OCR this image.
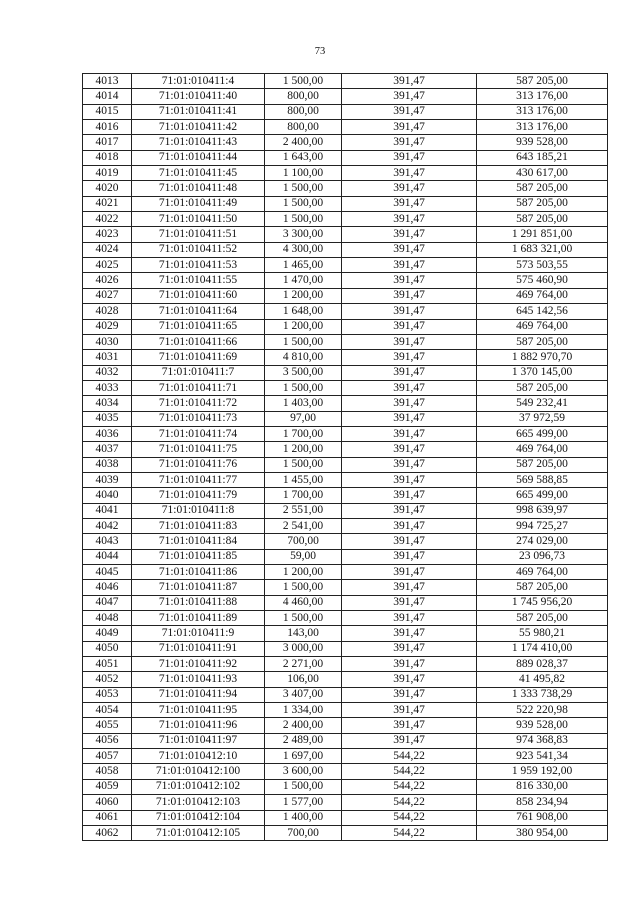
73
4013	71:01:010411:4	1 500,00	391,47	587 205,00
4014	71:01:010411:40	800,00	391,47	313 176,00
4015	71:01:010411:41	800,00	391,47	313 176,00
4016	71:01:010411:42	800,00	391,47	313 176,00
4017	71:01:010411:43	2 400,00	391,47	939 528,00
4018	71:01:010411:44	1 643,00	391,47	643 185,21
4019	71:01:010411:45	1 100,00	391,47	430 617,00
4020	71:01:010411:48	1 500,00	391,47	587 205,00
4021	71:01:010411:49	1 500,00	391,47	587 205,00
4022	71:01:010411:50	1 500,00	391,47	587 205,00
4023	71:01:010411:51	3 300,00	391,47	1 291 851,00
4024	71:01:010411:52	4 300,00	391,47	1 683 321,00
4025	71:01:010411:53	1 465,00	391,47	573 503,55
4026	71:01:010411:55	1 470,00	391,47	575 460,90
4027	71:01:010411:60	1 200,00	391,47	469 764,00
4028	71:01:010411:64	1 648,00	391,47	645 142,56
4029	71:01:010411:65	1 200,00	391,47	469 764,00
4030	71:01:010411:66	1 500,00	391,47	587 205,00
4031	71:01:010411:69	4 810,00	391,47	1 882 970,70
4032	71:01:010411:7	3 500,00	391,47	1 370 145,00
4033	71:01:010411:71	1 500,00	391,47	587 205,00
4034	71:01:010411:72	1 403,00	391,47	549 232,41
4035	71:01:010411:73	97,00	391,47	37 972,59
4036	71:01:010411:74	1 700,00	391,47	665 499,00
4037	71:01:010411:75	1 200,00	391,47	469 764,00
4038	71:01:010411:76	1 500,00	391,47	587 205,00
4039	71:01:010411:77	1 455,00	391,47	569 588,85
4040	71:01:010411:79	1 700,00	391,47	665 499,00
4041	71:01:010411:8	2 551,00	391,47	998 639,97
4042	71:01:010411:83	2 541,00	391,47	994 725,27
4043	71:01:010411:84	700,00	391,47	274 029,00
4044	71:01:010411:85	59,00	391,47	23 096,73
4045	71:01:010411:86	1 200,00	391,47	469 764,00
4046	71:01:010411:87	1 500,00	391,47	587 205,00
4047	71:01:010411:88	4 460,00	391,47	1 745 956,20
4048	71:01:010411:89	1 500,00	391,47	587 205,00
4049	71:01:010411:9	143,00	391,47	55 980,21
4050	71:01:010411:91	3 000,00	391,47	1 174 410,00
4051	71:01:010411:92	2 271,00	391,47	889 028,37
4052	71:01:010411:93	106,00	391,47	41 495,82
4053	71:01:010411:94	3 407,00	391,47	1 333 738,29
4054	71:01:010411:95	1 334,00	391,47	522 220,98
4055	71:01:010411:96	2 400,00	391,47	939 528,00
4056	71:01:010411:97	2 489,00	391,47	974 368,83
4057	71:01:010412:10	1 697,00	544,22	923 541,34
4058	71:01:010412:100	3 600,00	544,22	1 959 192,00
4059	71:01:010412:102	1 500,00	544,22	816 330,00
4060	71:01:010412:103	1 577,00	544,22	858 234,94
4061	71:01:010412:104	1 400,00	544,22	761 908,00
4062	71:01:010412:105	700,00	544,22	380 954,00
